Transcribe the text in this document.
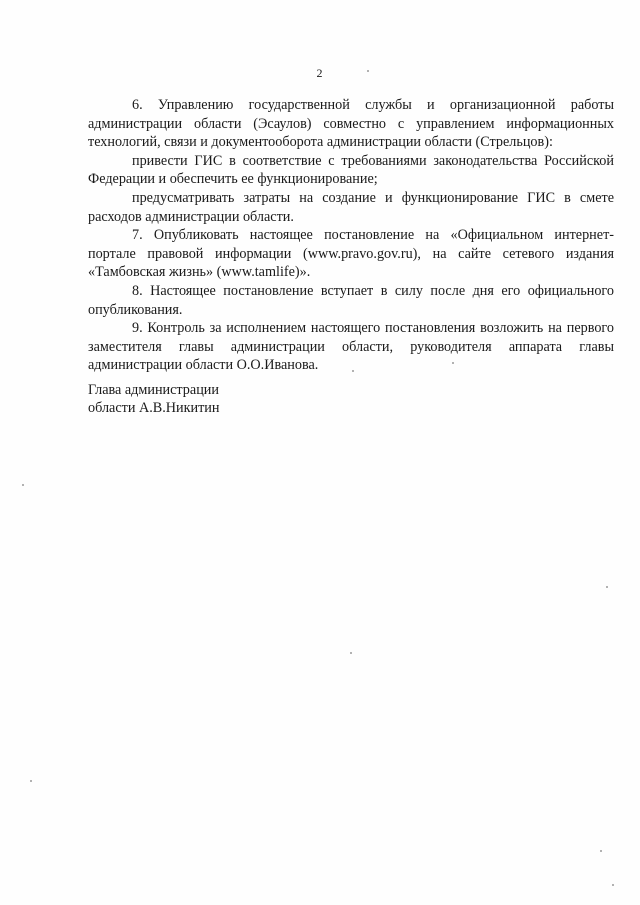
2

6. Управлению государственной службы и организационной работы администрации области (Эсаулов) совместно с управлением информационных технологий, связи и документооборота администрации области (Стрельцов):

привести ГИС в соответствие с требованиями законодательства Российской Федерации и обеспечить ее функционирование;

предусматривать затраты на создание и функционирование ГИС в смете расходов администрации области.

7. Опубликовать настоящее постановление на «Официальном интернет-портале правовой информации (www.pravo.gov.ru), на сайте сетевого издания «Тамбовская жизнь» (www.tamlife)».

8. Настоящее постановление вступает в силу после дня его официального опубликования.

9. Контроль за исполнением настоящего постановления возложить на первого заместителя главы администрации области, руководителя аппарата главы администрации области О.О.Иванова.

Глава администрации
области А.В.Никитин
